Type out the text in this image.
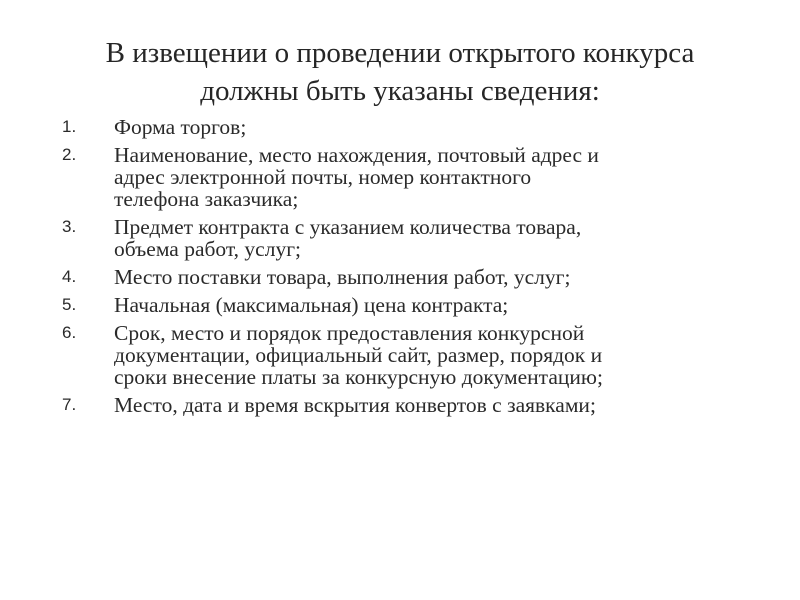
В извещении о проведении открытого конкурса
должны быть указаны сведения:
1.	Форма торгов;
2.	Наименование, место нахождения, почтовый адрес и
адрес электронной почты, номер контактного
телефона заказчика;
3.	Предмет контракта с указанием количества товара,
объема работ, услуг;
4.	Место поставки товара, выполнения работ, услуг;
5.	Начальная (максимальная) цена контракта;
6.	Срок, место и порядок предоставления конкурсной
документации, официальный сайт, размер, порядок и
сроки внесение платы за конкурсную документацию;
7.	Место, дата и время вскрытия конвертов с заявками;
